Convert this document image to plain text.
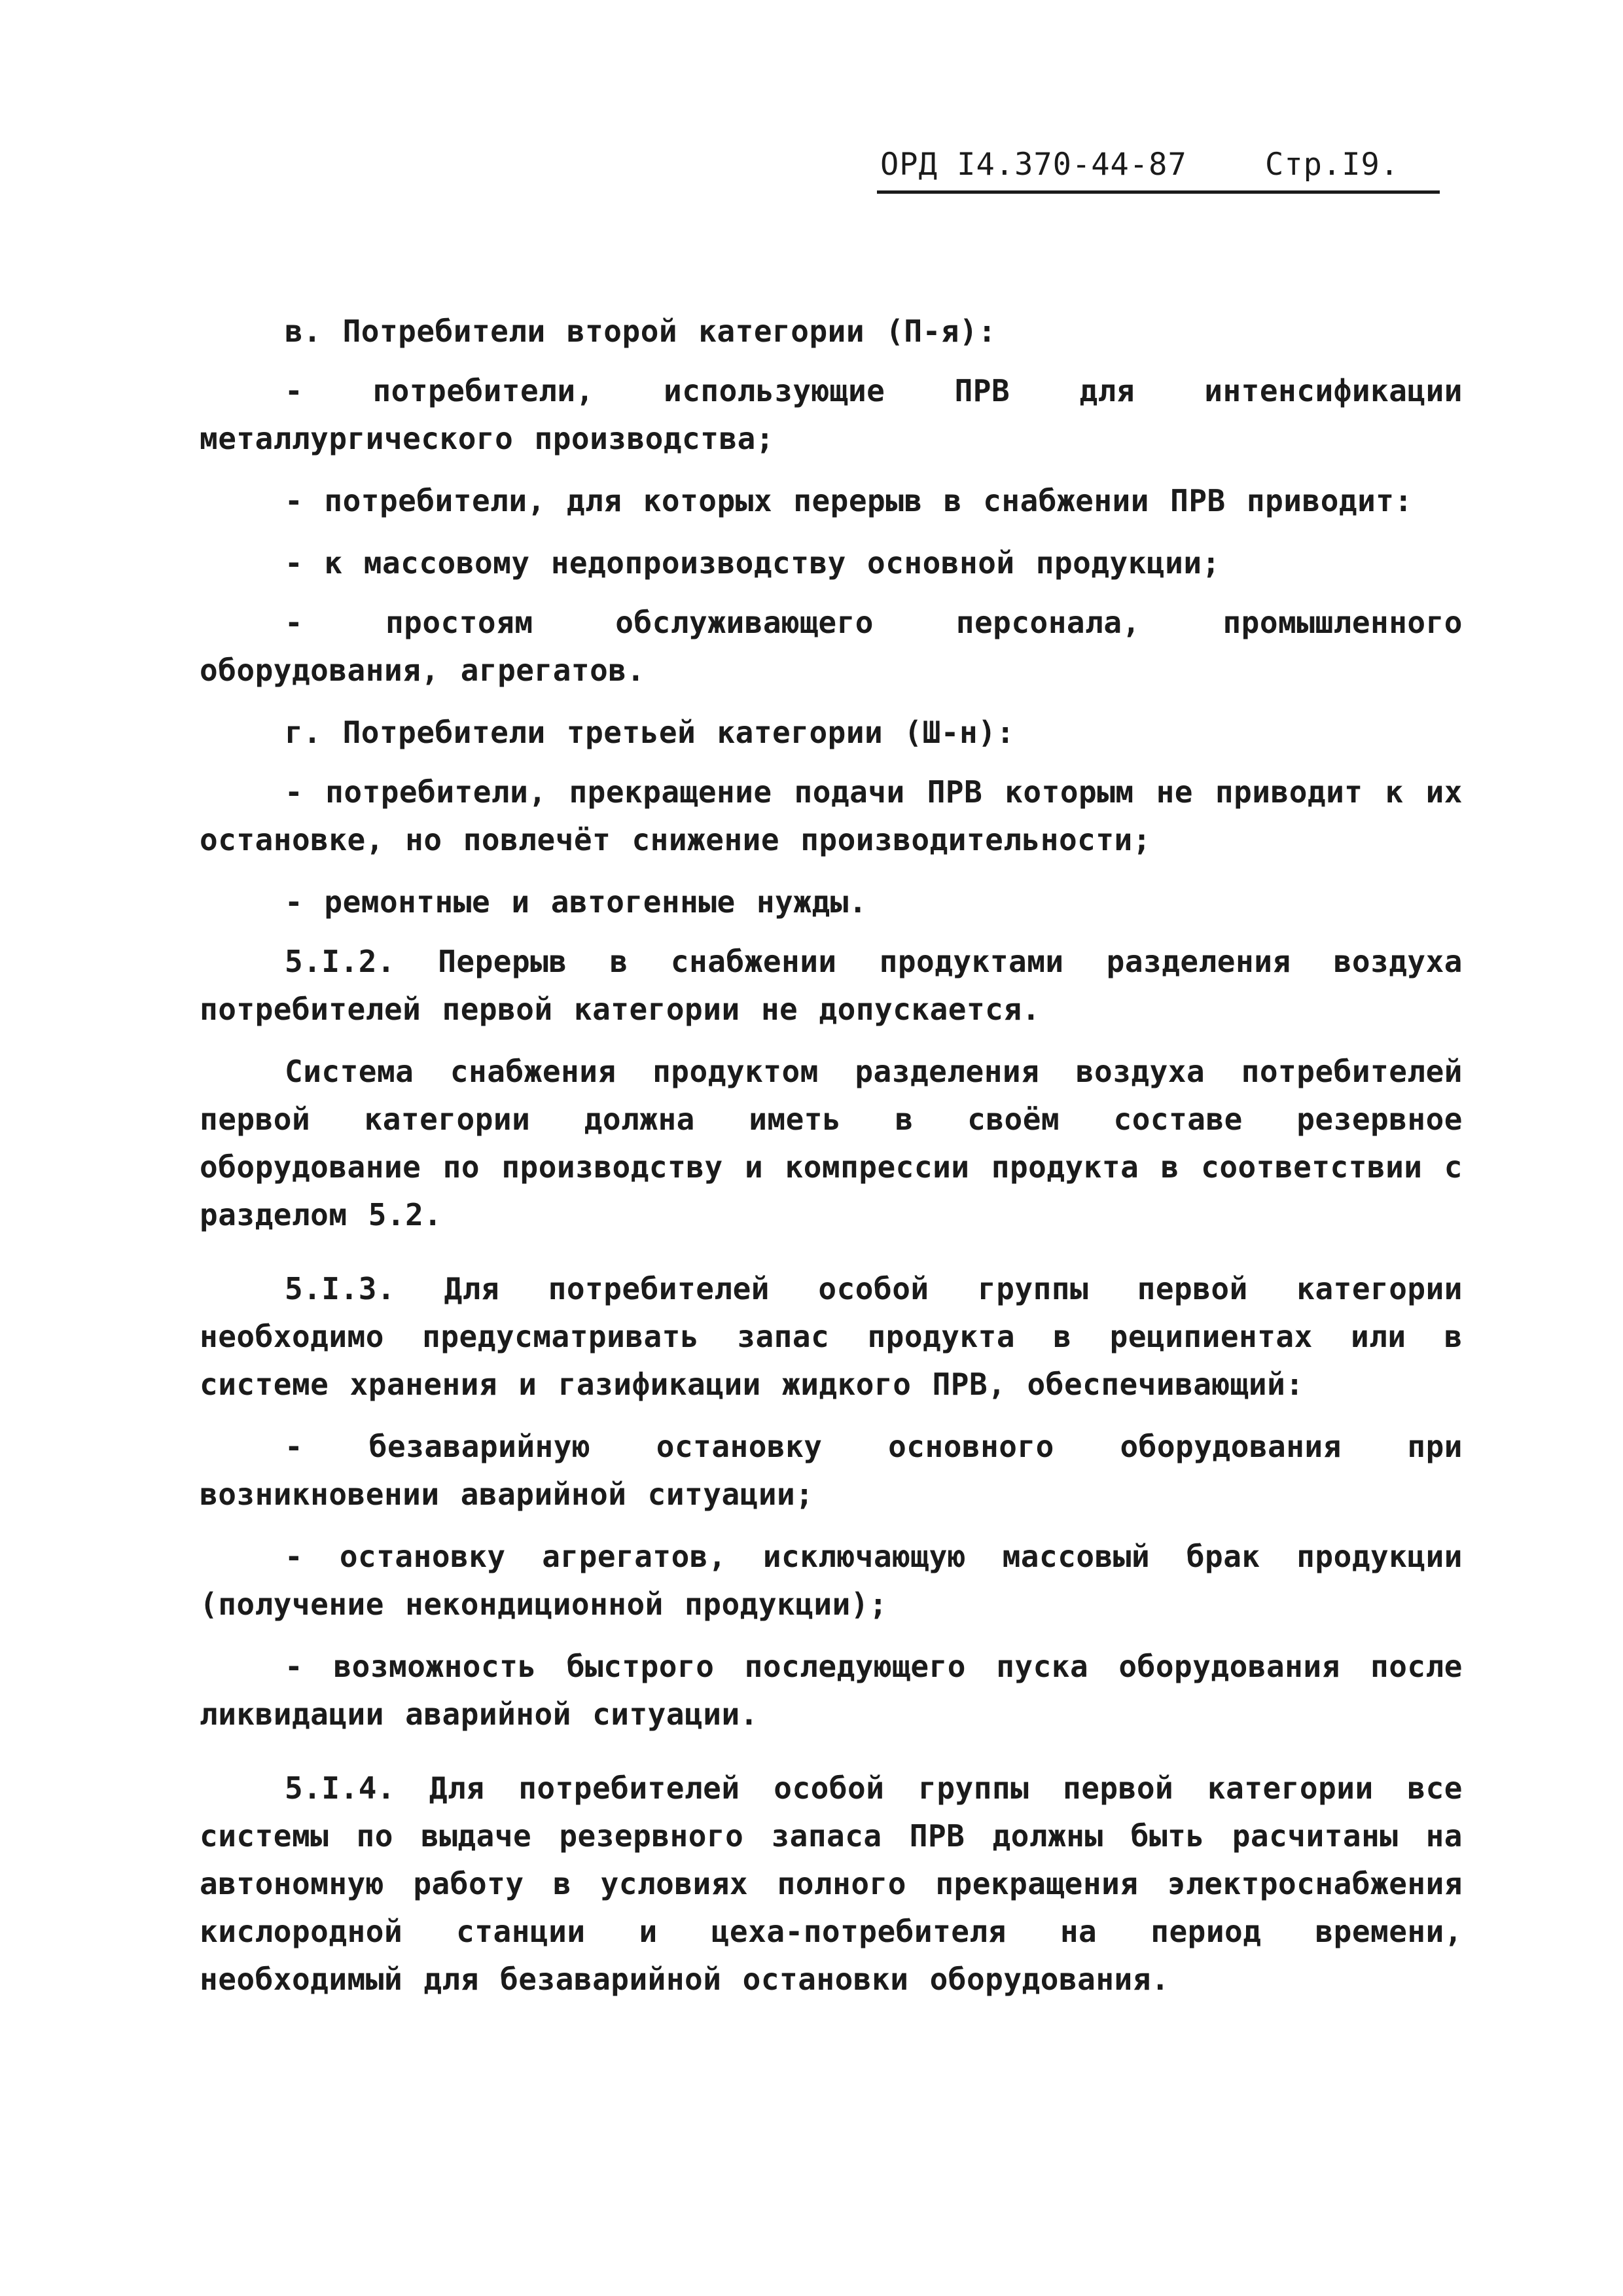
ОРД I4.370-44-87	Стр.I9.

в. Потребители второй категории (П-я):

- потребители, использующие ПРВ для интенсификации металлургического производства;

- потребители, для которых перерыв в снабжении ПРВ приводит:

- к массовому недопроизводству основной продукции;

- простоям обслуживающего персонала, промышленного оборудования, агрегатов.

г. Потребители третьей категории (Ш-н):

- потребители, прекращение подачи ПРВ которым не приводит к их остановке, но повлечёт снижение производительности;

- ремонтные и автогенные нужды.

5.I.2. Перерыв в снабжении продуктами разделения воздуха потребителей первой категории не допускается.

Система снабжения продуктом разделения воздуха потребителей первой категории должна иметь в своём составе резервное оборудование по производству и компрессии продукта в соответствии с разделом 5.2.

5.I.3. Для потребителей особой группы первой категории необходимо предусматривать запас продукта в реципиентах или в системе хранения и газификации жидкого ПРВ, обеспечивающий:

- безаварийную остановку основного оборудования при возникновении аварийной ситуации;

- остановку агрегатов, исключающую массовый брак продукции (получение некондиционной продукции);

- возможность быстрого последующего пуска оборудования после ликвидации аварийной ситуации.

5.I.4. Для потребителей особой группы первой категории все системы по выдаче резервного запаса ПРВ должны быть расчитаны на автономную работу в условиях полного прекращения электроснабжения кислородной станции и цеха-потребителя на период времени, необходимый для безаварийной остановки оборудования.
